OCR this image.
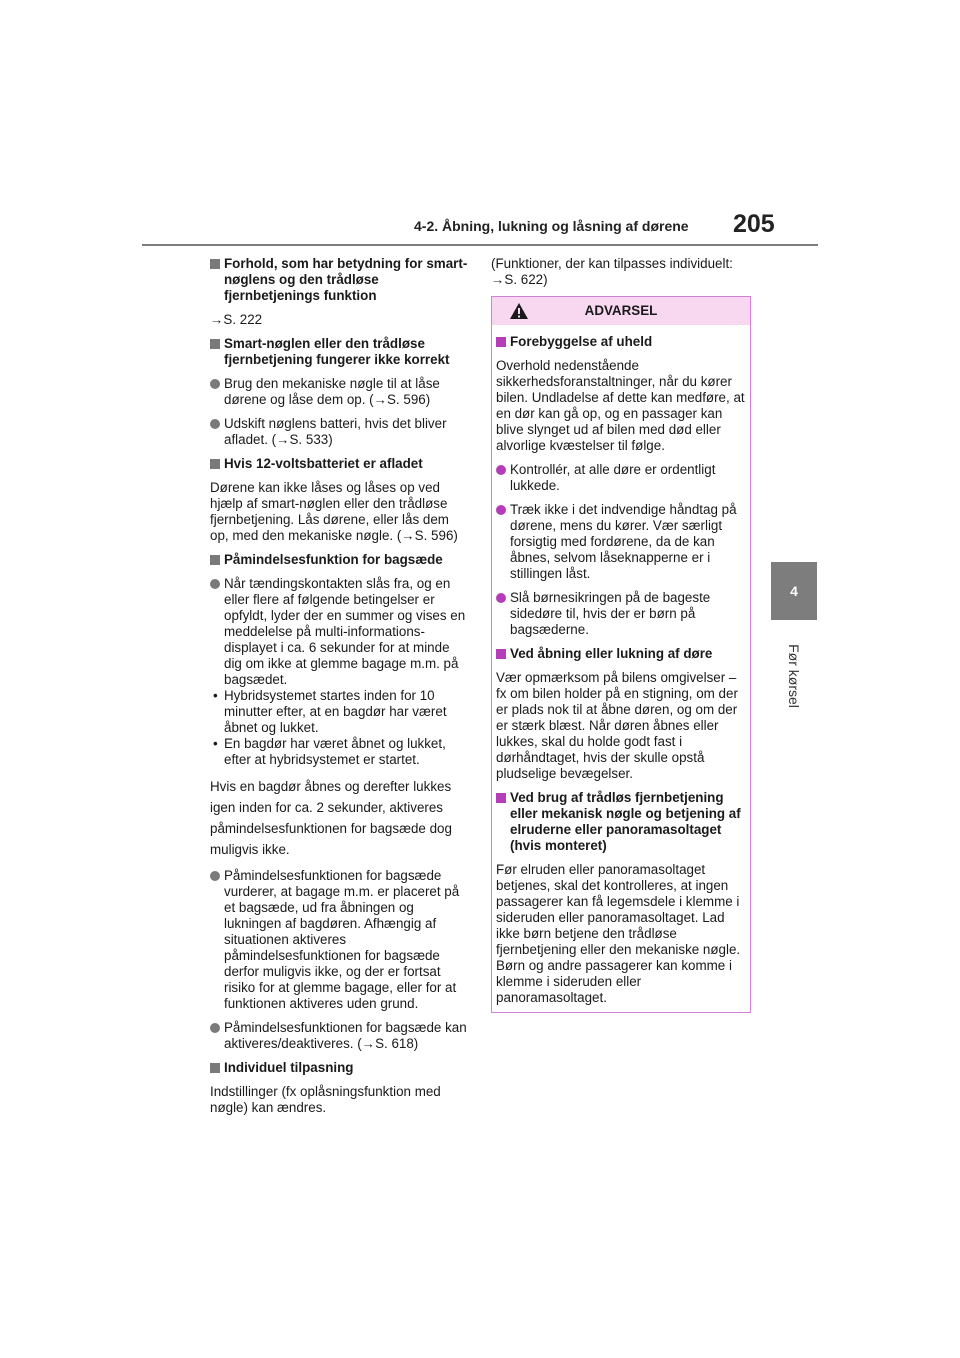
4-2. Åbning, lukning og låsning af dørene 205
4
Før kørsel
Forhold, som har betydning for smart-nøglens og den trådløse fjernbetjenings funktion
→S. 222
Smart-nøglen eller den trådløse fjernbetjening fungerer ikke korrekt
Brug den mekaniske nøgle til at låse dørene og låse dem op. (→S. 596)
Udskift nøglens batteri, hvis det bliver afladet. (→S. 533)
Hvis 12-voltsbatteriet er afladet
Dørene kan ikke låses og låses op ved hjælp af smart-nøglen eller den trådløse fjernbetjening. Lås dørene, eller lås dem op, med den mekaniske nøgle. (→S. 596)
Påmindelsesfunktion for bagsæde
Når tændingskontakten slås fra, og en eller flere af følgende betingelser er opfyldt, lyder der en summer og vises en meddelelse på multi-informations-displayet i ca. 6 sekunder for at minde dig om ikke at glemme bagage m.m. på bagsædet.
• Hybridsystemet startes inden for 10 minutter efter, at en bagdør har været åbnet og lukket.
• En bagdør har været åbnet og lukket, efter at hybridsystemet er startet.
Hvis en bagdør åbnes og derefter lukkes igen inden for ca. 2 sekunder, aktiveres påmindelsesfunktionen for bagsæde dog muligvis ikke.
Påmindelsesfunktionen for bagsæde vurderer, at bagage m.m. er placeret på et bagsæde, ud fra åbningen og lukningen af bagdøren. Afhængig af situationen aktiveres påmindelsesfunktionen for bagsæde derfor muligvis ikke, og der er fortsat risiko for at glemme bagage, eller for at funktionen aktiveres uden grund.
Påmindelsesfunktionen for bagsæde kan aktiveres/deaktiveres. (→S. 618)
Individuel tilpasning
Indstillinger (fx oplåsningsfunktion med nøgle) kan ændres.
(Funktioner, der kan tilpasses individuelt: →S. 622)
ADVARSEL
Forebyggelse af uheld
Overhold nedenstående sikkerhedsforanstaltninger, når du kører bilen. Undladelse af dette kan medføre, at en dør kan gå op, og en passager kan blive slynget ud af bilen med død eller alvorlige kvæstelser til følge.
Kontrollér, at alle døre er ordentligt lukkede.
Træk ikke i det indvendige håndtag på dørene, mens du kører. Vær særligt forsigtig med fordørene, da de kan åbnes, selvom låseknapperne er i stillingen låst.
Slå børnesikringen på de bageste sidedøre til, hvis der er børn på bagsæderne.
Ved åbning eller lukning af døre
Vær opmærksom på bilens omgivelser – fx om bilen holder på en stigning, om der er plads nok til at åbne døren, og om der er stærk blæst. Når døren åbnes eller lukkes, skal du holde godt fast i dørhåndtaget, hvis der skulle opstå pludselige bevægelser.
Ved brug af trådløs fjernbetjening eller mekanisk nøgle og betjening af elruderne eller panoramasoltaget (hvis monteret)
Før elruden eller panoramasoltaget betjenes, skal det kontrolleres, at ingen passagerer kan få legemsdele i klemme i sideruden eller panoramasoltaget. Lad ikke børn betjene den trådløse fjernbetjening eller den mekaniske nøgle. Børn og andre passagerer kan komme i klemme i sideruden eller panoramasoltaget.
